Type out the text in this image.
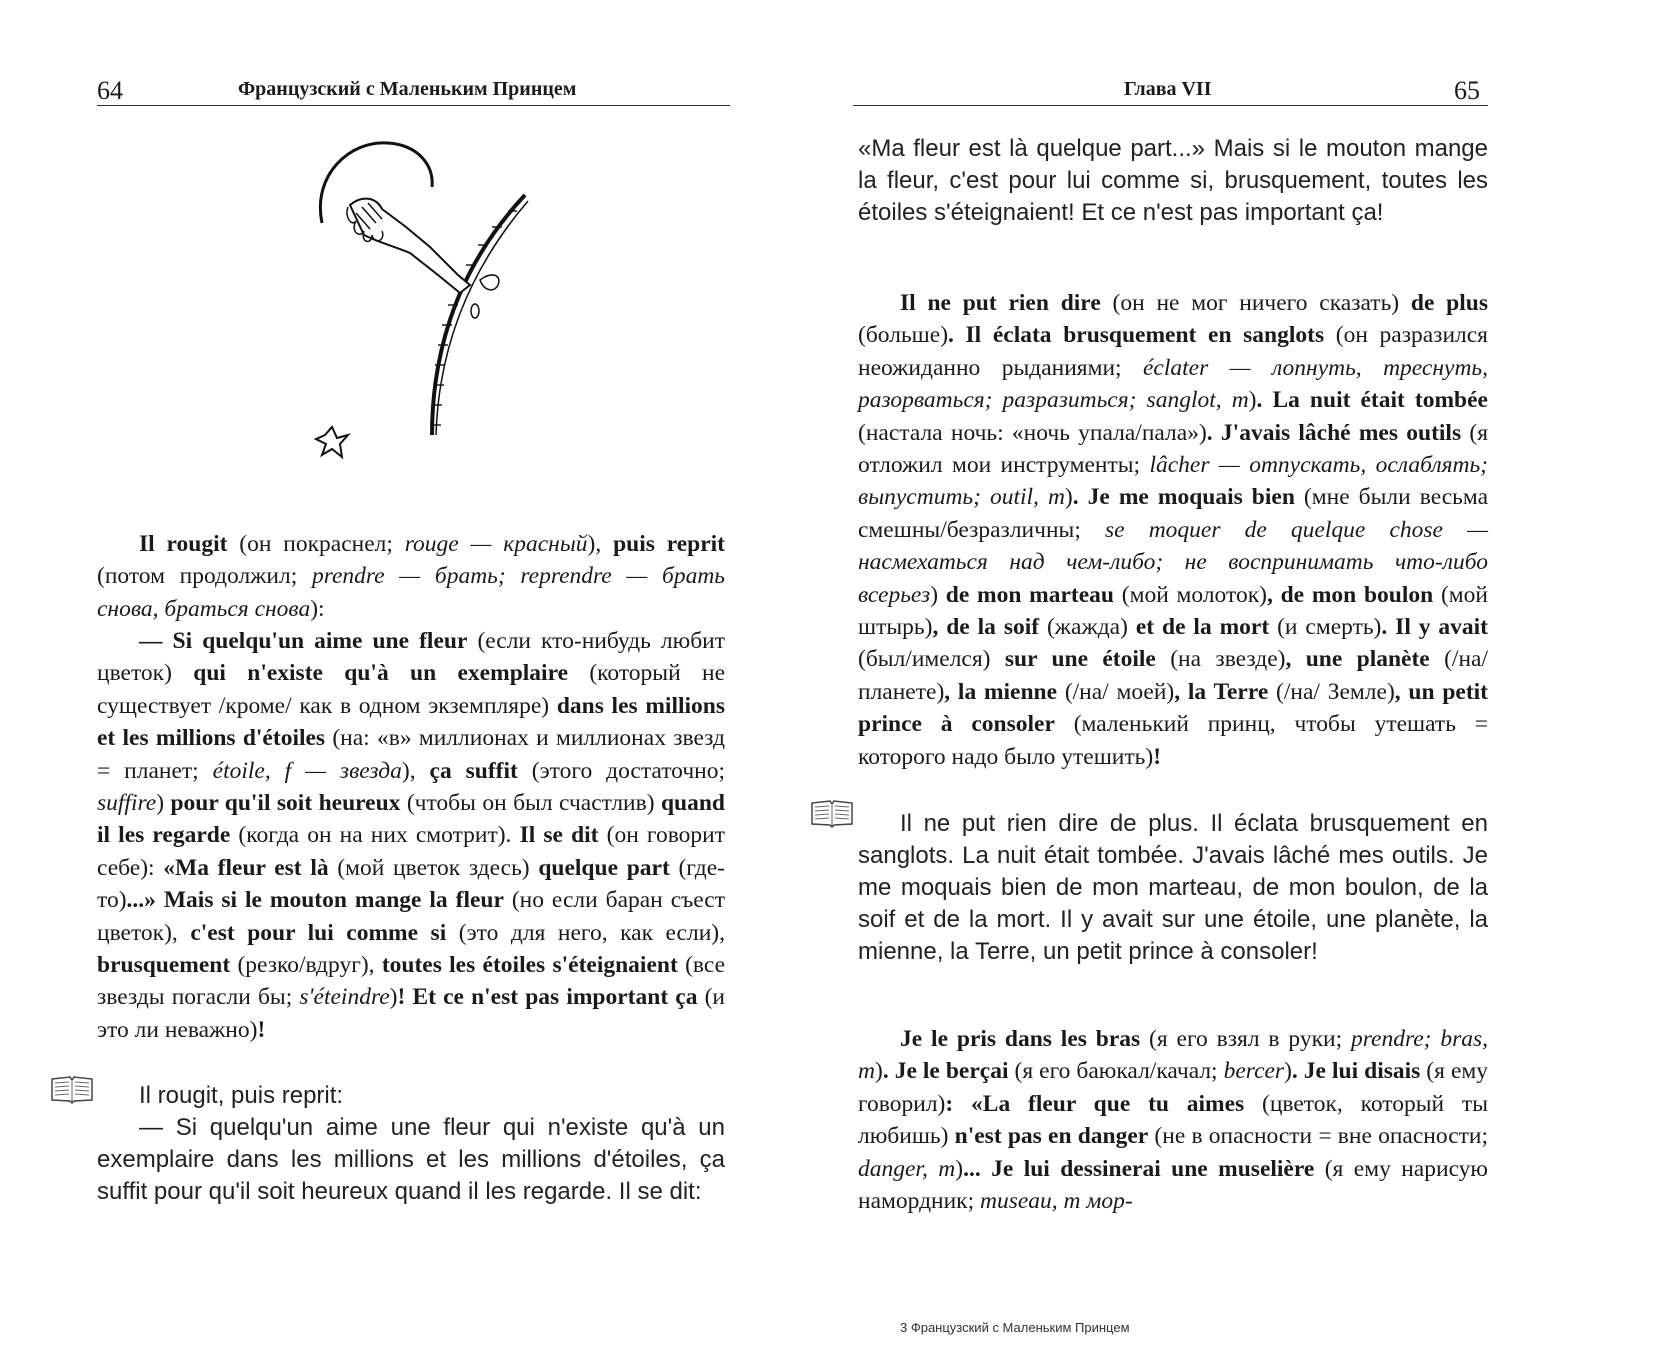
64	Французский с Маленьким Принцем

Il rougit (он покраснел; rouge — красный), puis reprit (потом продолжил; prendre — брать; reprendre — брать снова, браться снова):

— Si quelqu'un aime une fleur (если кто-нибудь любит цветок) qui n'existe qu'à un exemplaire (который не существует /кроме/ как в одном экземпляре) dans les millions et les millions d'étoiles (на: «в» миллионах и миллионах звезд = планет; étoile, f — звезда), ça suffit (этого достаточно; suffire) pour qu'il soit heureux (чтобы он был счастлив) quand il les regarde (когда он на них смотрит). Il se dit (он говорит себе): «Ma fleur est là (мой цветок здесь) quelque part (где-то)...» Mais si le mouton mange la fleur (но если баран съест цветок), c'est pour lui comme si (это для него, как если), brusquement (резко/вдруг), toutes les étoiles s'éteignaient (все звезды погасли бы; s'éteindre)! Et ce n'est pas important ça (и это ли неважно)!

Il rougit, puis reprit:
— Si quelqu'un aime une fleur qui n'existe qu'à un exemplaire dans les millions et les millions d'étoiles, ça suffit pour qu'il soit heureux quand il les regarde. Il se dit:

Глава VII	65

«Ma fleur est là quelque part...» Mais si le mouton mange la fleur, c'est pour lui comme si, brusquement, toutes les étoiles s'éteignaient! Et ce n'est pas important ça!

Il ne put rien dire (он не мог ничего сказать) de plus (больше). Il éclata brusquement en sanglots (он разразился неожиданно рыданиями; éclater — лопнуть, треснуть, разорваться; разразиться; sanglot, m). La nuit était tombée (настала ночь: «ночь упала/пала»). J'avais lâché mes outils (я отложил мои инструменты; lâcher — отпускать, ослаблять; выпустить; outil, m). Je me moquais bien (мне были весьма смешны/безразличны; se moquer de quelque chose — насмехаться над чем-либо; не воспринимать что-либо всерьез) de mon marteau (мой молоток), de mon boulon (мой штырь), de la soif (жажда) et de la mort (и смерть). Il y avait (был/имелся) sur une étoile (на звезде), une planète (/на/ планете), la mienne (/на/ моей), la Terre (/на/ Земле), un petit prince à consoler (маленький принц, чтобы утешать = которого надо было утешить)!

Il ne put rien dire de plus. Il éclata brusquement en sanglots. La nuit était tombée. J'avais lâché mes outils. Je me moquais bien de mon marteau, de mon boulon, de la soif et de la mort. Il y avait sur une étoile, une planète, la mienne, la Terre, un petit prince à consoler!

Je le pris dans les bras (я его взял в руки; prendre; bras, m). Je le berçai (я его баюкал/качал; bercer). Je lui disais (я ему говорил): «La fleur que tu aimes (цветок, который ты любишь) n'est pas en danger (не в опасности = вне опасности; danger, m)... Je lui dessinerai une muselière (я ему нарисую намордник; museau, m мор-

3 Французский с Маленьким Принцем
